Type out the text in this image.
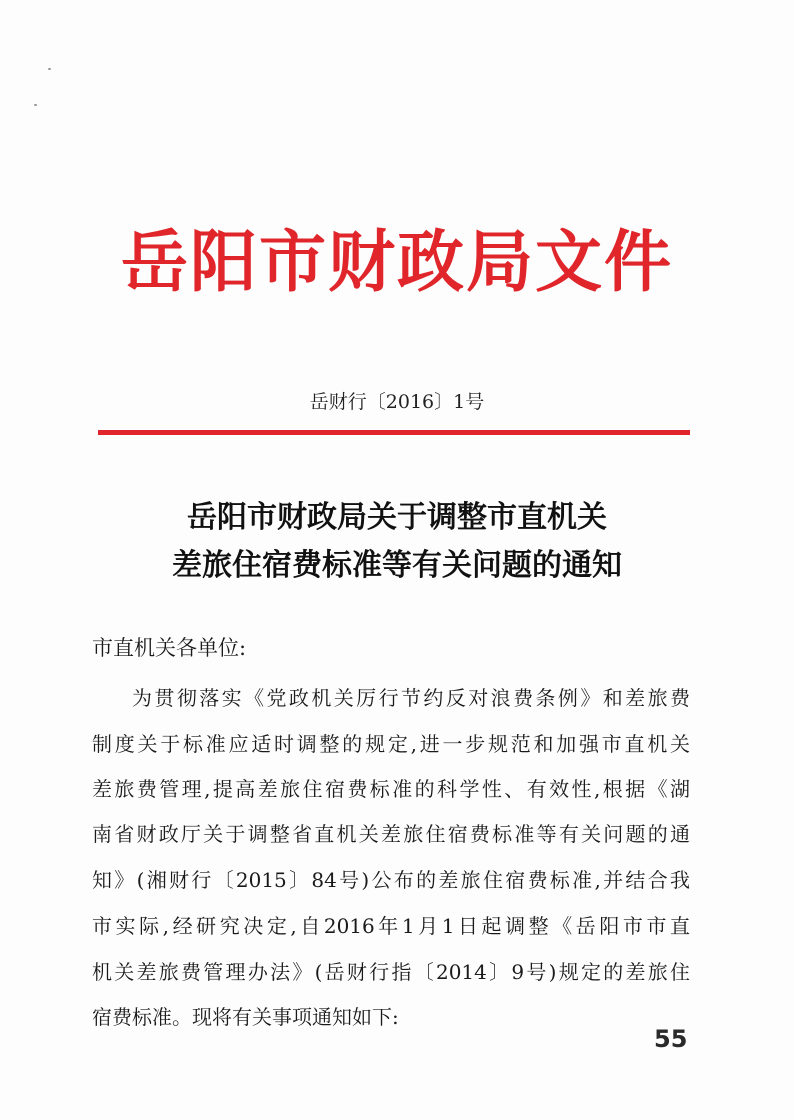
岳阳市财政局文件
岳财行〔2016〕1号
岳阳市财政局关于调整市直机关
差旅住宿费标准等有关问题的通知
市直机关各单位:
为贯彻落实《党政机关厉行节约反对浪费条例》和差旅费
制度关于标准应适时调整的规定,进一步规范和加强市直机关
差旅费管理,提高差旅住宿费标准的科学性、有效性,根据《湖
南省财政厅关于调整省直机关差旅住宿费标准等有关问题的通
知》(湘财行〔2015〕84号)公布的差旅住宿费标准,并结合我
市实际,经研究决定,自2016年1月1日起调整《岳阳市市直
机关差旅费管理办法》(岳财行指〔2014〕9号)规定的差旅住
宿费标准。现将有关事项通知如下:
55
